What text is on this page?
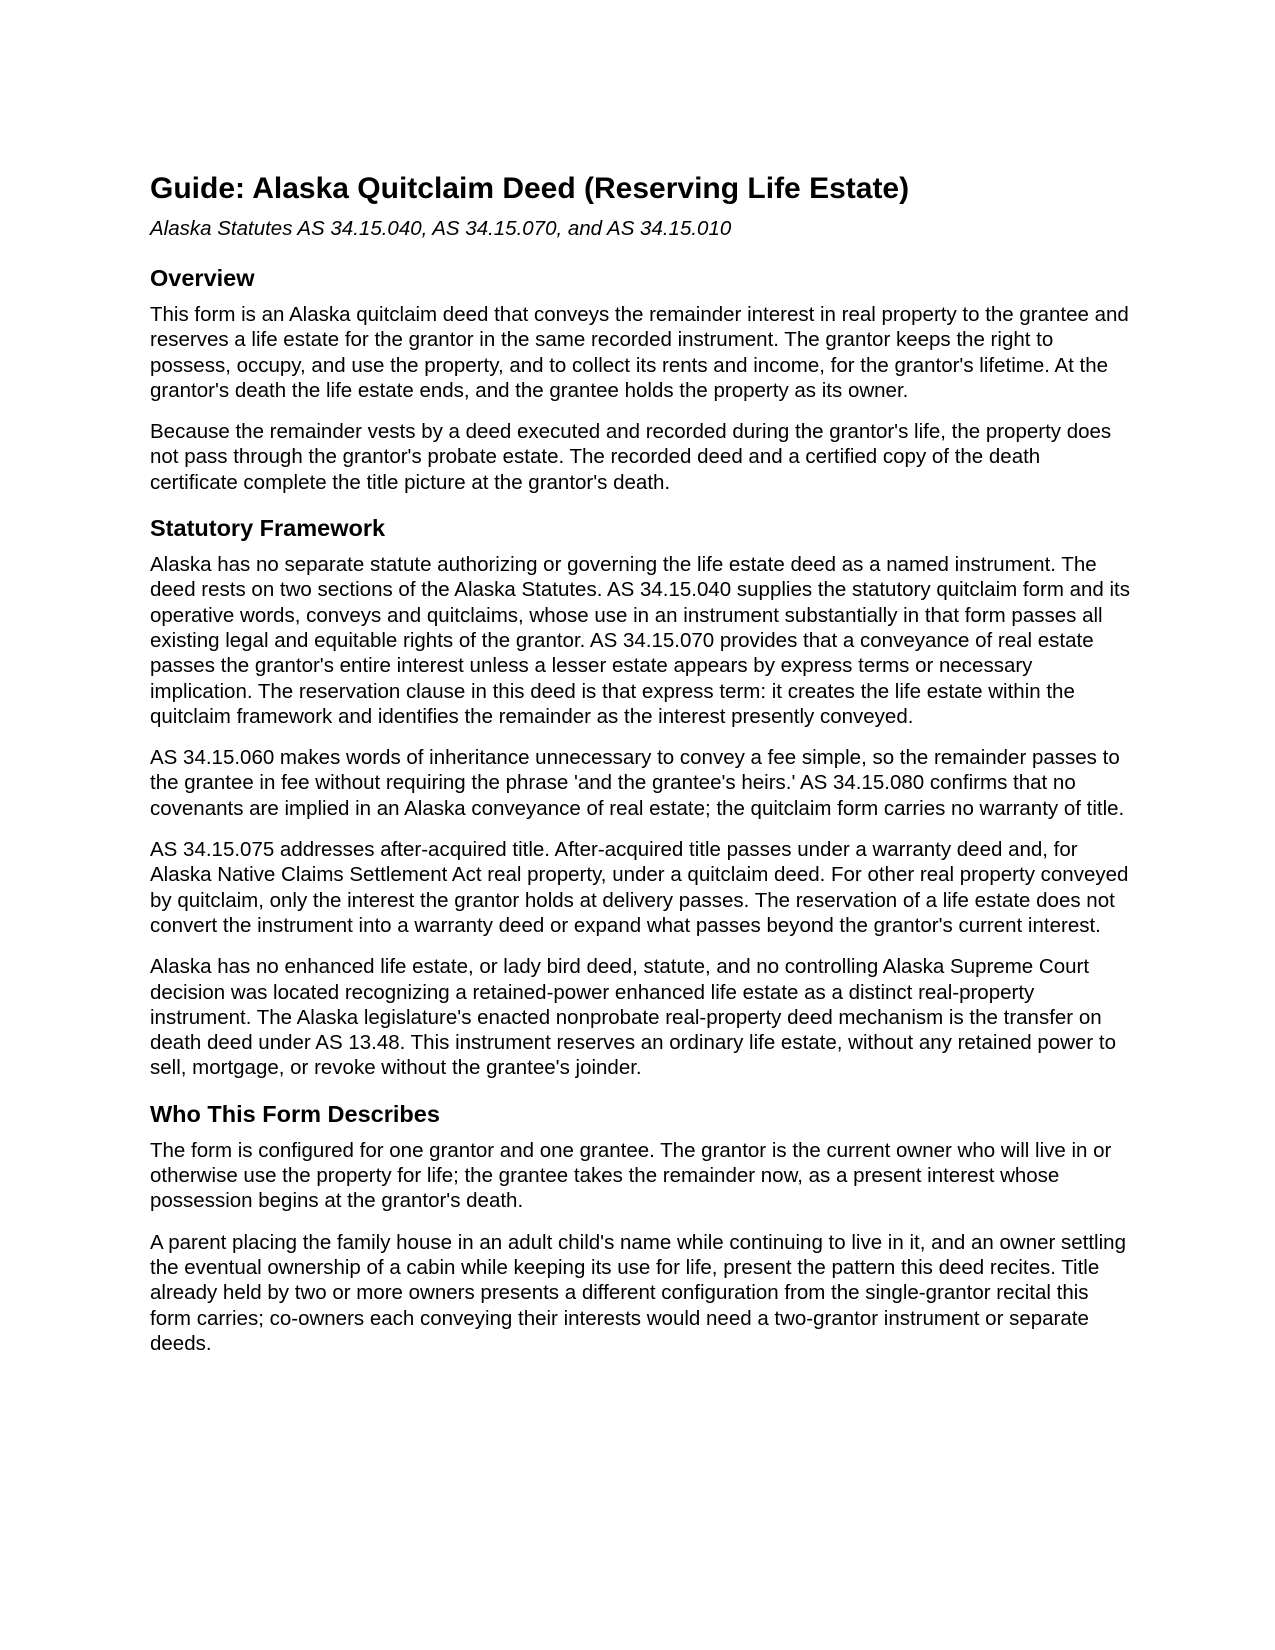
Guide: Alaska Quitclaim Deed (Reserving Life Estate)
Alaska Statutes AS 34.15.040, AS 34.15.070, and AS 34.15.010
Overview

This form is an Alaska quitclaim deed that conveys the remainder interest in real property to the grantee and reserves a life estate for the grantor in the same recorded instrument. The grantor keeps the right to possess, occupy, and use the property, and to collect its rents and income, for the grantor's lifetime. At the grantor's death the life estate ends, and the grantee holds the property as its owner.

Because the remainder vests by a deed executed and recorded during the grantor's life, the property does not pass through the grantor's probate estate. The recorded deed and a certified copy of the death certificate complete the title picture at the grantor's death.

Statutory Framework

Alaska has no separate statute authorizing or governing the life estate deed as a named instrument. The deed rests on two sections of the Alaska Statutes. AS 34.15.040 supplies the statutory quitclaim form and its operative words, conveys and quitclaims, whose use in an instrument substantially in that form passes all existing legal and equitable rights of the grantor. AS 34.15.070 provides that a conveyance of real estate passes the grantor's entire interest unless a lesser estate appears by express terms or necessary implication. The reservation clause in this deed is that express term: it creates the life estate within the quitclaim framework and identifies the remainder as the interest presently conveyed.

AS 34.15.060 makes words of inheritance unnecessary to convey a fee simple, so the remainder passes to the grantee in fee without requiring the phrase 'and the grantee's heirs.' AS 34.15.080 confirms that no covenants are implied in an Alaska conveyance of real estate; the quitclaim form carries no warranty of title.

AS 34.15.075 addresses after-acquired title. After-acquired title passes under a warranty deed and, for Alaska Native Claims Settlement Act real property, under a quitclaim deed. For other real property conveyed by quitclaim, only the interest the grantor holds at delivery passes. The reservation of a life estate does not convert the instrument into a warranty deed or expand what passes beyond the grantor's current interest.

Alaska has no enhanced life estate, or lady bird deed, statute, and no controlling Alaska Supreme Court decision was located recognizing a retained-power enhanced life estate as a distinct real-property instrument. The Alaska legislature's enacted nonprobate real-property deed mechanism is the transfer on death deed under AS 13.48. This instrument reserves an ordinary life estate, without any retained power to sell, mortgage, or revoke without the grantee's joinder.

Who This Form Describes

The form is configured for one grantor and one grantee. The grantor is the current owner who will live in or otherwise use the property for life; the grantee takes the remainder now, as a present interest whose possession begins at the grantor's death.

A parent placing the family house in an adult child's name while continuing to live in it, and an owner settling the eventual ownership of a cabin while keeping its use for life, present the pattern this deed recites. Title already held by two or more owners presents a different configuration from the single-grantor recital this form carries; co-owners each conveying their interests would need a two-grantor instrument or separate deeds.
